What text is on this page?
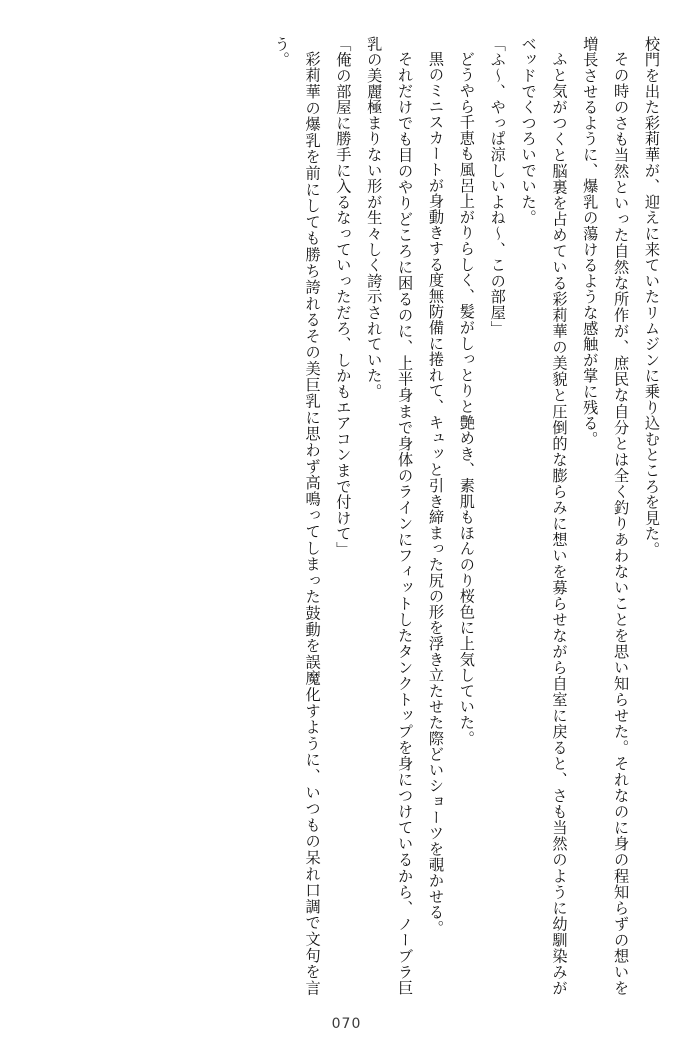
校門を出た彩莉華が、迎えに来ていたリムジンに乗り込むところを見た。

その時のさも当然といった自然な所作が、庶民な自分とは全く釣りあわないことを思い知らせた。それなのに身の程知らずの想いを増長させるように、爆乳の蕩けるような感触が掌に残る。

ふと気がつくと脳裏を占めている彩莉華の美貌と圧倒的な膨らみに想いを募らせながら自室に戻ると、さも当然のように幼馴染みがベッドでくつろいでいた。

「ふ～、やっぱ涼しいよね～、この部屋」

どうやら千恵も風呂上がりらしく、髪がしっとりと艶めき、素肌もほんのり桜色に上気していた。

黒のミニスカートが身動きする度無防備に捲れて、キュッと引き締まった尻の形を浮き立たせた際どいショーツを覗かせる。

それだけでも目のやりどころに困るのに、上半身まで身体のラインにフィットしたタンクトップを身につけているから、ノーブラ巨乳の美麗極まりない形が生々しく誇示されていた。

「俺の部屋に勝手に入るなっていっただろ、しかもエアコンまで付けて」

彩莉華の爆乳を前にしても勝ち誇れるその美巨乳に思わず高鳴ってしまった鼓動を誤魔化すように、いつもの呆れ口調で文句を言う。

070
